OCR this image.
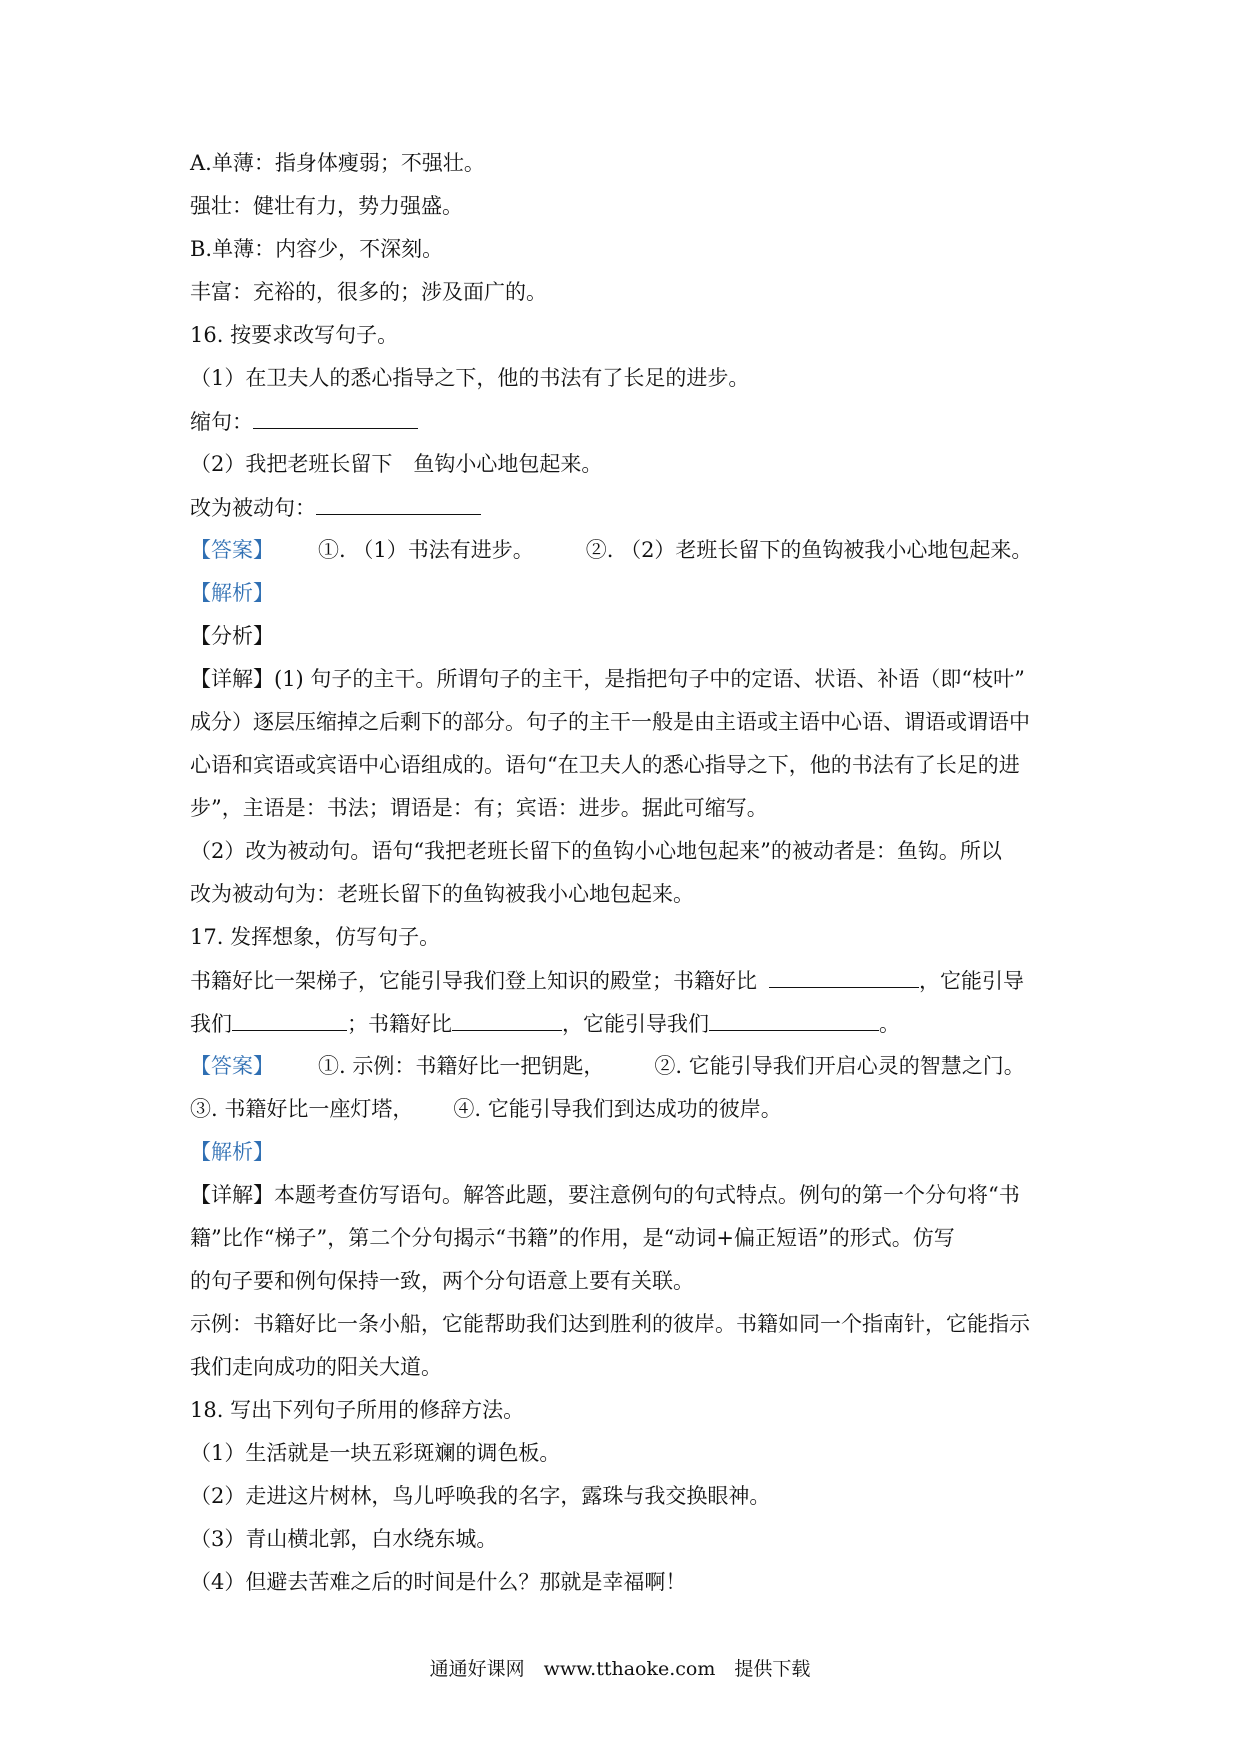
A.单薄：指身体瘦弱；不强壮。
强壮：健壮有力，势力强盛。
B.单薄：内容少，不深刻。
丰富：充裕的，很多的；涉及面广的。
16. 按要求改写句子。
（1）在卫夫人的悉心指导之下，他的书法有了长足的进步。
缩句：
（2）我把老班长留下　鱼钩小心地包起来。
改为被动句：
【答案】 ①. （1）书法有进步。 ②. （2）老班长留下的鱼钩被我小心地包起来。
【解析】
【分析】
【详解】(1) 句子的主干。所谓句子的主干，是指把句子中的定语、状语、补语（即“枝叶”
成分）逐层压缩掉之后剩下的部分。句子的主干一般是由主语或主语中心语、谓语或谓语中
心语和宾语或宾语中心语组成的。语句“在卫夫人的悉心指导之下，他的书法有了长足的进
步”，主语是：书法；谓语是：有；宾语：进步。据此可缩写。
（2）改为被动句。语句“我把老班长留下的鱼钩小心地包起来”的被动者是：鱼钩。所以
改为被动句为：老班长留下的鱼钩被我小心地包起来。
17. 发挥想象，仿写句子。
书籍好比一架梯子，它能引导我们登上知识的殿堂；书籍好比	，它能引导
我们	；书籍好比	，它能引导我们	。
【答案】 ①. 示例：书籍好比一把钥匙， ②. 它能引导我们开启心灵的智慧之门。
③. 书籍好比一座灯塔， ④. 它能引导我们到达成功的彼岸。
【解析】
【详解】本题考查仿写语句。解答此题，要注意例句的句式特点。例句的第一个分句将“书
籍”比作“梯子”，第二个分句揭示“书籍”的作用，是“动词+偏正短语”的形式。仿写
的句子要和例句保持一致，两个分句语意上要有关联。
示例：书籍好比一条小船，它能帮助我们达到胜利的彼岸。书籍如同一个指南针，它能指示
我们走向成功的阳关大道。
18. 写出下列句子所用的修辞方法。
（1）生活就是一块五彩斑斓的调色板。
（2）走进这片树林，鸟儿呼唤我的名字，露珠与我交换眼神。
（3）青山横北郭，白水绕东城。
（4）但避去苦难之后的时间是什么？那就是幸福啊！
通通好课网　www.tthaoke.com　提供下载
